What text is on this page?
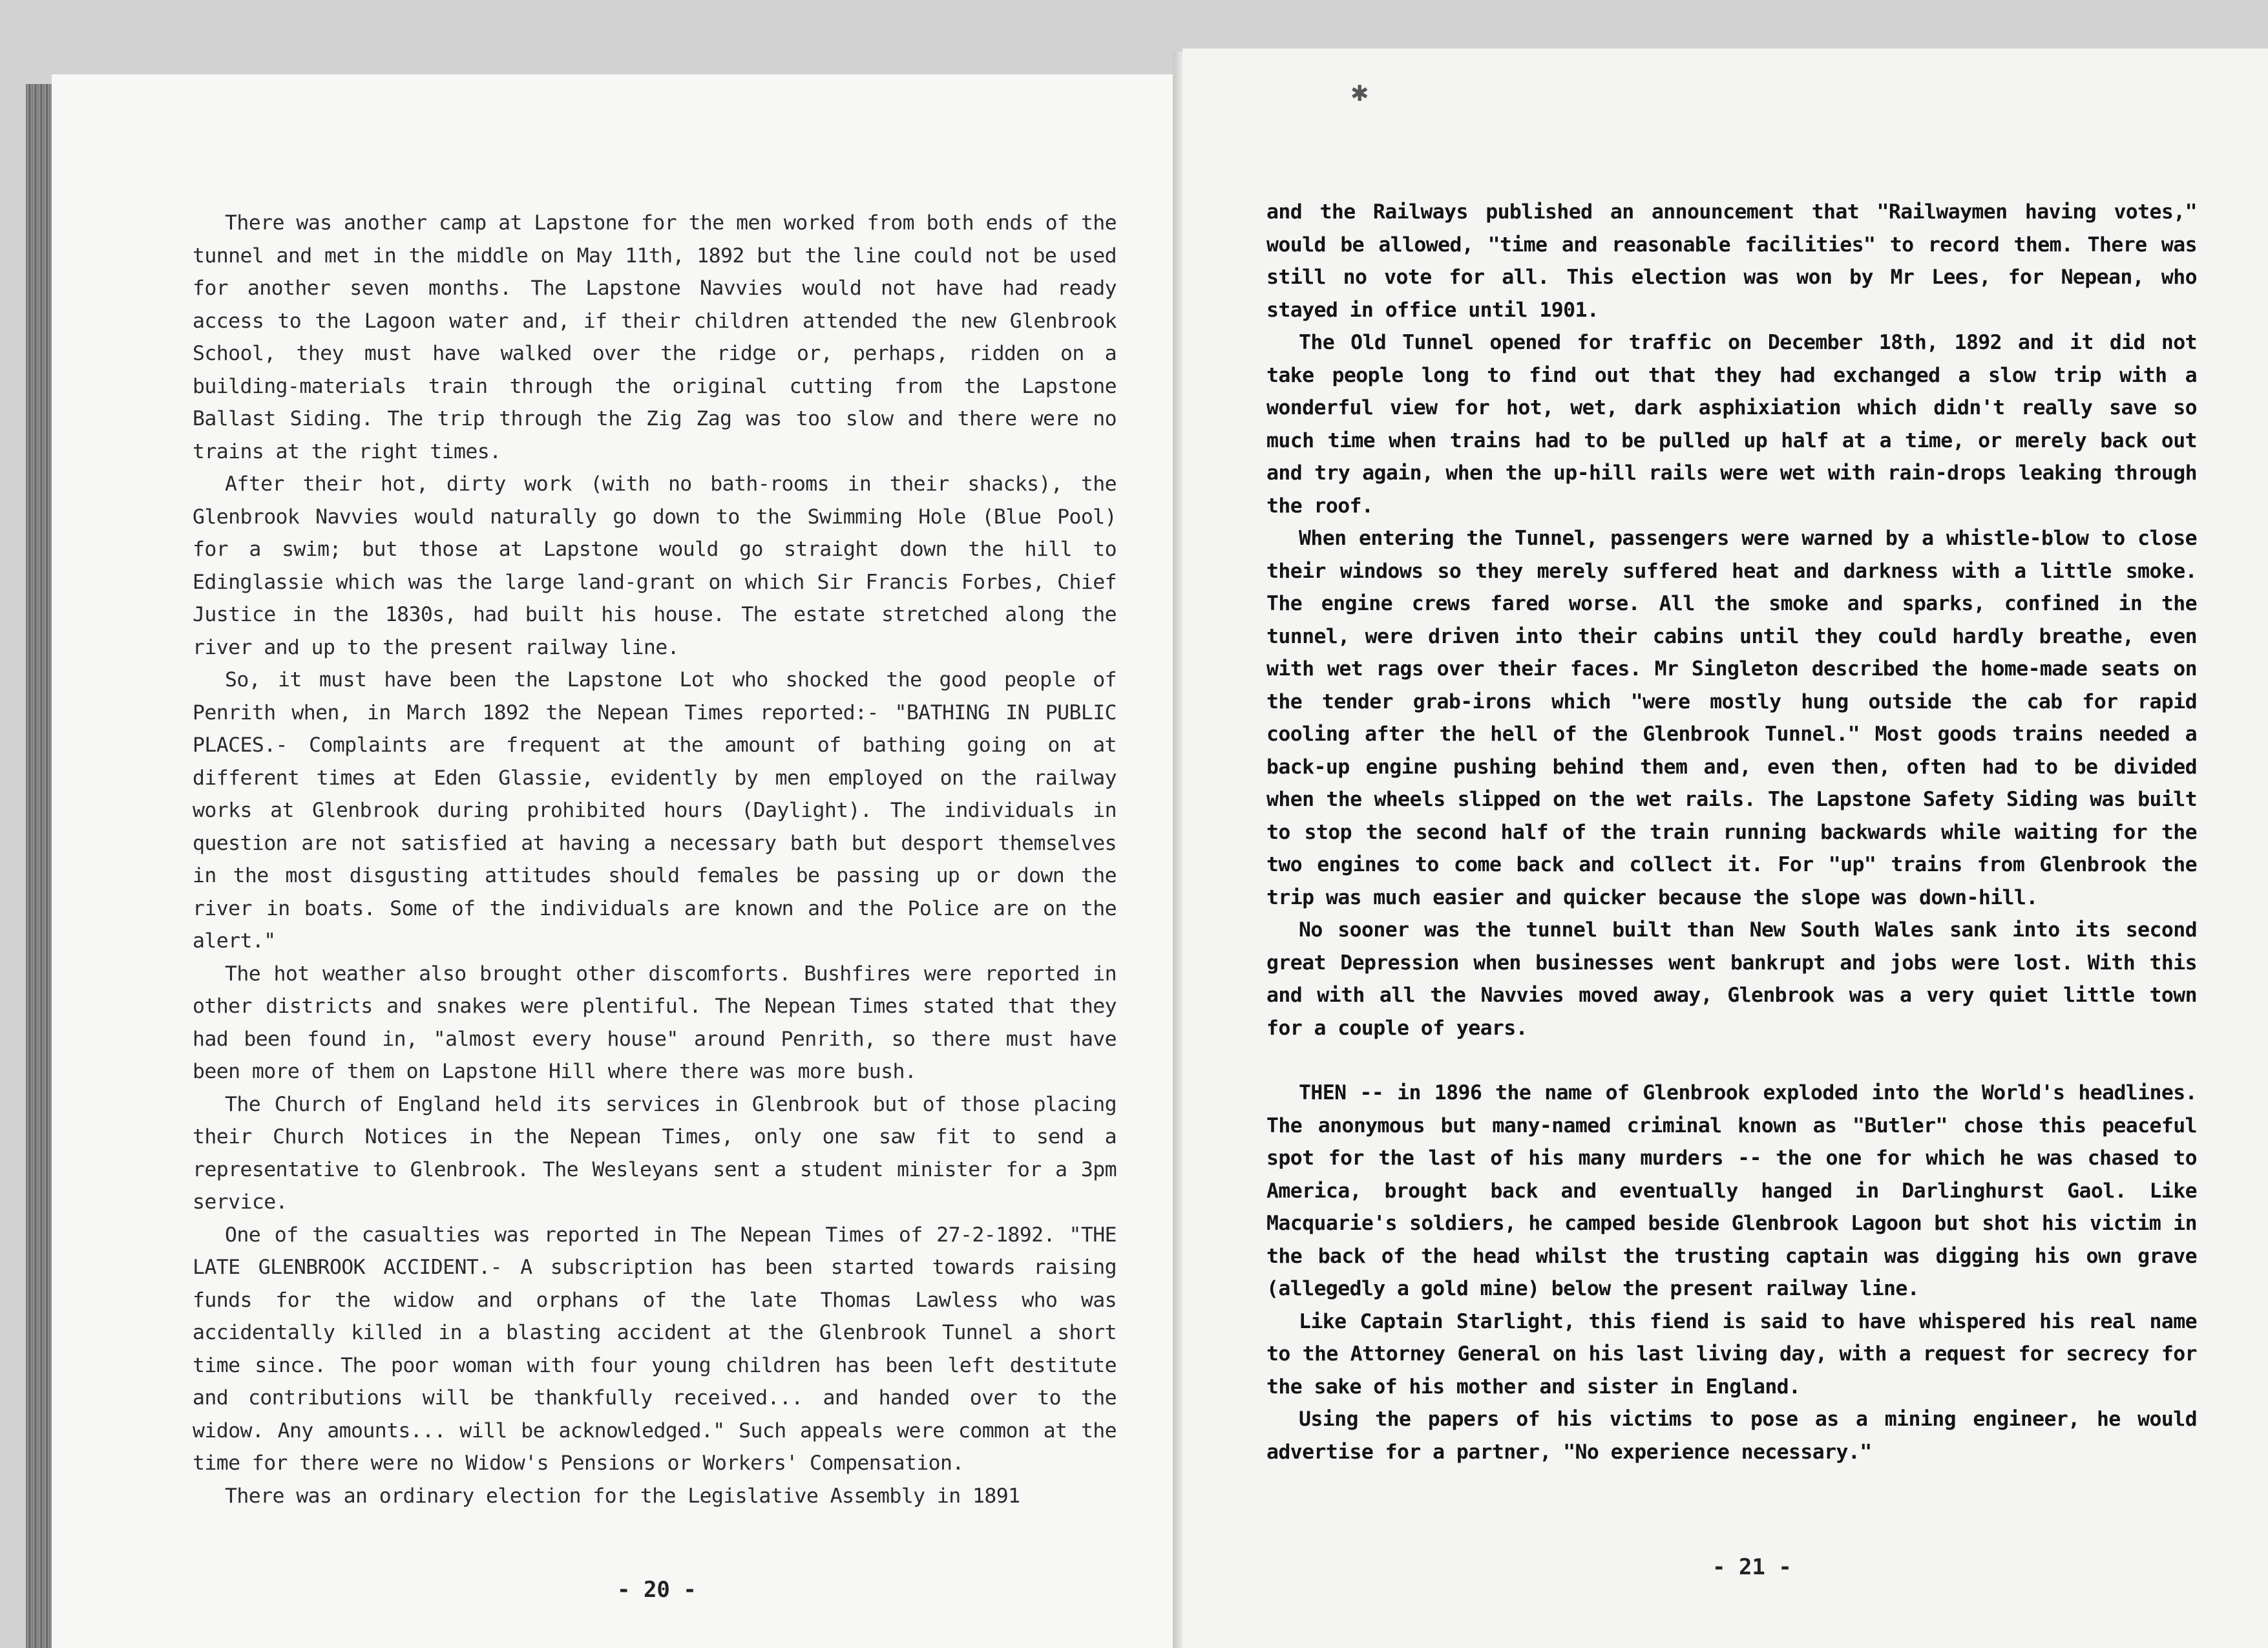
There was another camp at Lapstone for the men worked from both ends of the tunnel and met in the middle on May 11th, 1892 but the line could not be used for another seven months. The Lapstone Navvies would not have had ready access to the Lagoon water and, if their children attended the new Glenbrook School, they must have walked over the ridge or, perhaps, ridden on a building-materials train through the original cutting from the Lapstone Ballast Siding. The trip through the Zig Zag was too slow and there were no trains at the right times.

After their hot, dirty work (with no bath-rooms in their shacks), the Glenbrook Navvies would naturally go down to the Swimming Hole (Blue Pool) for a swim; but those at Lapstone would go straight down the hill to Edinglassie which was the large land-grant on which Sir Francis Forbes, Chief Justice in the 1830s, had built his house. The estate stretched along the river and up to the present railway line.

So, it must have been the Lapstone Lot who shocked the good people of Penrith when, in March 1892 the Nepean Times reported:- "BATHING IN PUBLIC PLACES.- Complaints are frequent at the amount of bathing going on at different times at Eden Glassie, evidently by men employed on the railway works at Glenbrook during prohibited hours (Daylight). The individuals in question are not satisfied at having a necessary bath but desport themselves in the most disgusting attitudes should females be passing up or down the river in boats. Some of the individuals are known and the Police are on the alert."

The hot weather also brought other discomforts. Bushfires were reported in other districts and snakes were plentiful. The Nepean Times stated that they had been found in, "almost every house" around Penrith, so there must have been more of them on Lapstone Hill where there was more bush.

The Church of England held its services in Glenbrook but of those placing their Church Notices in the Nepean Times, only one saw fit to send a representative to Glenbrook. The Wesleyans sent a student minister for a 3pm service.

One of the casualties was reported in The Nepean Times of 27-2-1892. "THE LATE GLENBROOK ACCIDENT.- A subscription has been started towards raising funds for the widow and orphans of the late Thomas Lawless who was accidentally killed in a blasting accident at the Glenbrook Tunnel a short time since. The poor woman with four young children has been left destitute and contributions will be thankfully received... and handed over to the widow. Any amounts... will be acknowledged." Such appeals were common at the time for there were no Widow's Pensions or Workers' Compensation.

There was an ordinary election for the Legislative Assembly in 1891

- 20 -
✱

and the Railways published an announcement that "Railwaymen having votes," would be allowed, "time and reasonable facilities" to record them. There was still no vote for all. This election was won by Mr Lees, for Nepean, who stayed in office until 1901.

The Old Tunnel opened for traffic on December 18th, 1892 and it did not take people long to find out that they had exchanged a slow trip with a wonderful view for hot, wet, dark asphixiation which didn't really save so much time when trains had to be pulled up half at a time, or merely back out and try again, when the up-hill rails were wet with rain-drops leaking through the roof.

When entering the Tunnel, passengers were warned by a whistle-blow to close their windows so they merely suffered heat and darkness with a little smoke. The engine crews fared worse. All the smoke and sparks, confined in the tunnel, were driven into their cabins until they could hardly breathe, even with wet rags over their faces. Mr Singleton described the home-made seats on the tender grab-irons which "were mostly hung outside the cab for rapid cooling after the hell of the Glenbrook Tunnel." Most goods trains needed a back-up engine pushing behind them and, even then, often had to be divided when the wheels slipped on the wet rails. The Lapstone Safety Siding was built to stop the second half of the train running backwards while waiting for the two engines to come back and collect it. For "up" trains from Glenbrook the trip was much easier and quicker because the slope was down-hill.

No sooner was the tunnel built than New South Wales sank into its second great Depression when businesses went bankrupt and jobs were lost. With this and with all the Navvies moved away, Glenbrook was a very quiet little town for a couple of years.

THEN -- in 1896 the name of Glenbrook exploded into the World's headlines. The anonymous but many-named criminal known as "Butler" chose this peaceful spot for the last of his many murders -- the one for which he was chased to America, brought back and eventually hanged in Darlinghurst Gaol. Like Macquarie's soldiers, he camped beside Glenbrook Lagoon but shot his victim in the back of the head whilst the trusting captain was digging his own grave (allegedly a gold mine) below the present railway line.

Like Captain Starlight, this fiend is said to have whispered his real name to the Attorney General on his last living day, with a request for secrecy for the sake of his mother and sister in England.

Using the papers of his victims to pose as a mining engineer, he would advertise for a partner, "No experience necessary."

- 21 -
